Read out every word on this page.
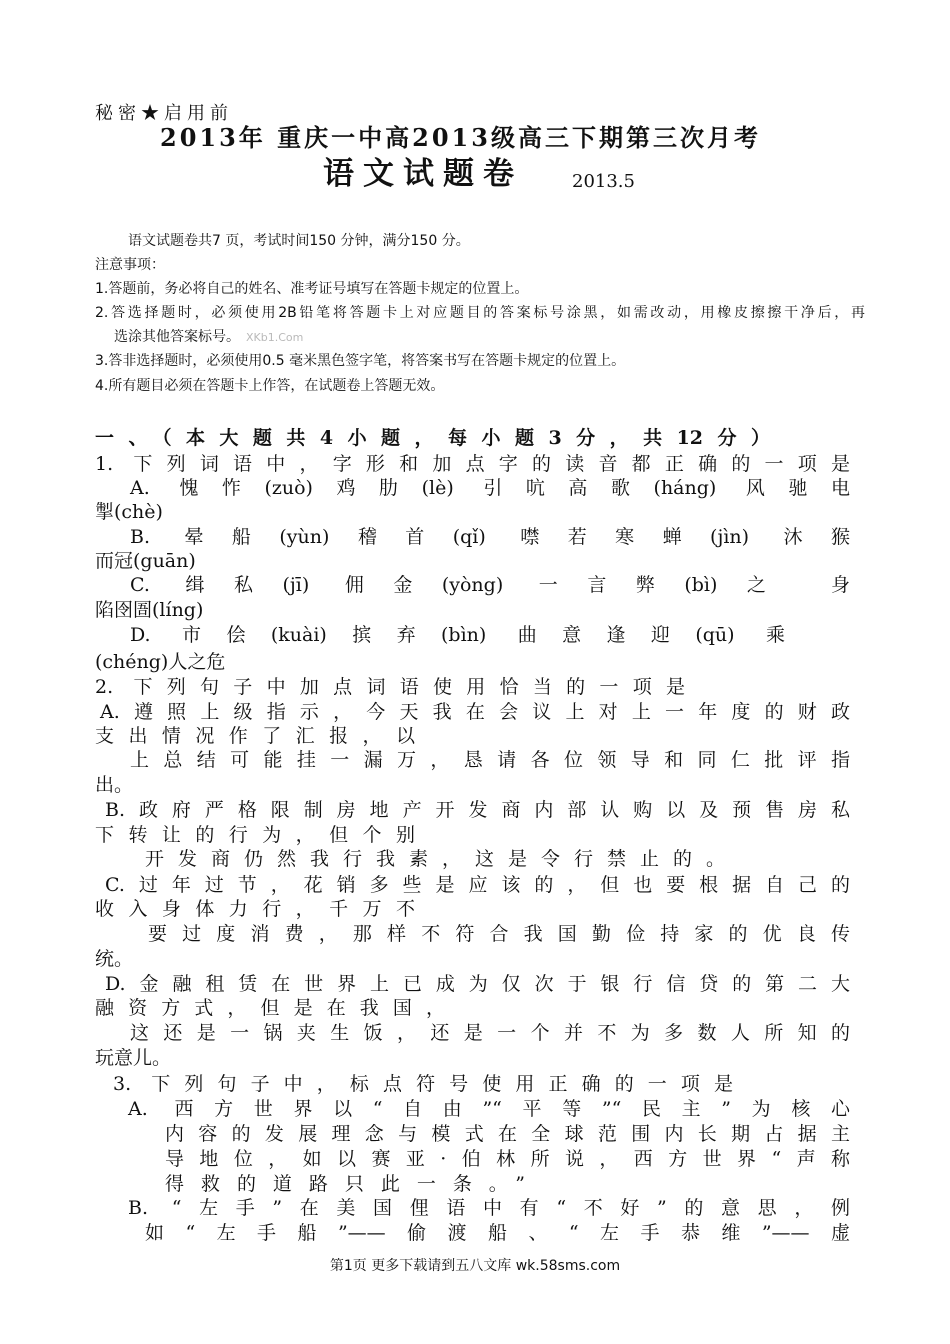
秘密★启用前
2013年 重庆一中高2013级高三下期第三次月考
语文试题卷	2013.5
语文试题卷共7 页，考试时间150 分钟，满分150 分。
注意事项：
1.答题前，务必将自己的姓名、准考证号填写在答题卡规定的位置上。
2.答选择题时，必须使用2B铅笔将答题卡上对应题目的答案标号涂黑，如需改动，用橡皮擦擦干净后，再
选涂其他答案标号。 XKb1.Com
3.答非选择题时，必须使用0.5 毫米黑色签字笔，将答案书写在答题卡规定的位置上。
4.所有题目必须在答题卡上作答，在试题卷上答题无效。
一、（本大题共4小题，每小题3分，共12分）
1. 下列词语中，字形和加点字的读音都正确的一项是
A. 愧怍(zuò)鸡肋(lè) 引吭高歌(háng) 风驰电
掣(chè)
B. 晕船(yùn)稽首(qǐ) 噤若寒蝉(jìn) 沐猴
而冠(guān)
C. 缉私(jī) 佣金(yòng) 一言弊(bì)之 身
陷囹圄(líng)
D. 市侩(kuài)摈弃(bìn) 曲意逢迎(qū) 乘
(chéng)人之危
2. 下列句子中加点词语使用恰当的一项是
A.遵照上级指示，今天我在会议上对上一年度的财政
支出情况作了汇报，以
上总结可能挂一漏万，恳请各位领导和同仁批评指
出。
B.政府严格限制房地产开发商内部认购以及预售房私
下转让的行为，但个别
开发商仍然我行我素，这是令行禁止的。
C.过年过节，花销多些是应该的，但也要根据自己的
收入身体力行，千万不
要过度消费，那样不符合我国勤俭持家的优良传
统。
D.金融租赁在世界上已成为仅次于银行信贷的第二大
融资方式，但是在我国，
这还是一锅夹生饭，还是一个并不为多数人所知的
玩意儿。
3. 下列句子中，标点符号使用正确的一项是
A. 西方世界以“自由”“平等”“民主”为核心
内容的发展理念与模式在全球范围内长期占据主
导地位，如以赛亚·伯林所说，西方世界“声称
得救的道路只此一条。”
B. “左手”在美国俚语中有“不好”的意思，例
如“左手船”——偷渡船、“左手恭维”——虚
第1页 更多下载请到五八文库 wk.58sms.com
